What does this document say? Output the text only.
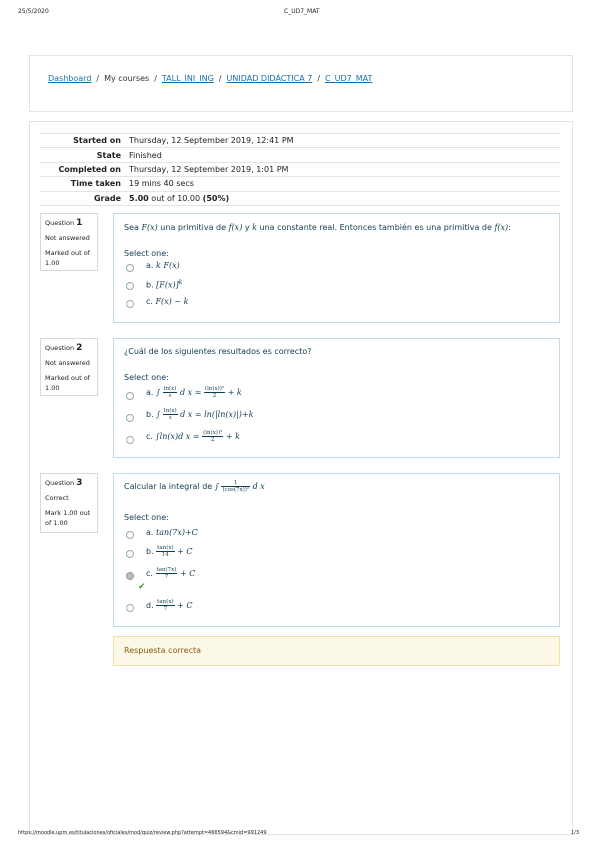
25/5/2020	C_UD7_MAT
Dashboard / My courses / TALL_INI_ING / UNIDAD DIDÁCTICA 7 / C_UD7_MAT
Started on	Thursday, 12 September 2019, 12:41 PM
State	Finished
Completed on	Thursday, 12 September 2019, 1:01 PM
Time taken	19 mins 40 secs
Grade	5.00 out of 10.00 (50%)
Question 1
Not answered
Marked out of 1.00
Sea F(x) una primitiva de f(x) y k una constante real. Entonces también es una primitiva de f(x):
Select one:
a. k F(x)
b. $[F(x)]^k$
c. F(x) − k
Question 2
Not answered
Marked out of 1.00
¿Cuál de los siguientes resultados es correcto?
Select one:
a. ∫ $\frac{\ln(x)}{x}$ d $x = \frac{\text{(ln(x))²}}{2} + k$
b. ∫ $\frac{\ln(x)}{x}$ d x = ln(|ln(x)|)+k
c. ∫ln(x)d $x = \frac{\text{(ln(x))²}}{2} + k$
Question 3
Correct
Mark 1.00 out of 1.00
Calcular la integral de ∫ $\frac{1}{\text{(cos(7x))²}}$ d x
Select one:
a. tan(7x)+C
b. $\frac{\tan(x)}{14} + C$
c. $\frac{\tan(7x)}{7} + C$
✔
d. $\frac{\tan(x)}{7} + C$
Respuesta correcta
https://moodle.upm.es/titulaciones/oficiales/mod/quiz/review.php?attempt=466594&cmid=991249	1/3
